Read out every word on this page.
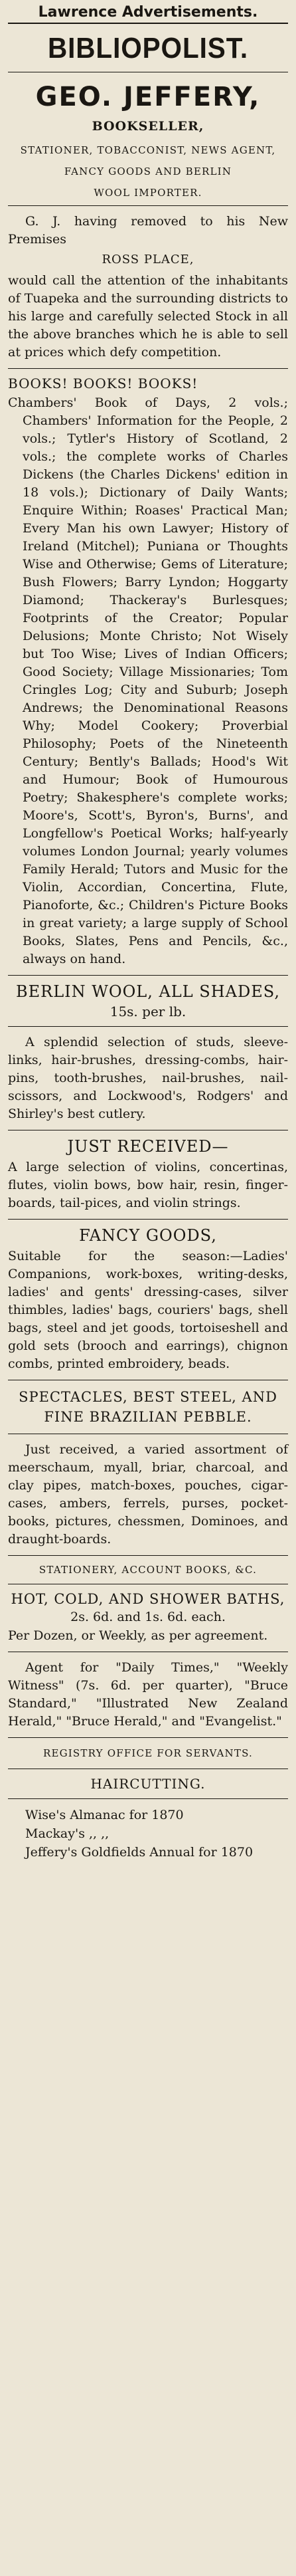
Lawrence Advertisements.
BIBLIOPOLIST.
GEO. JEFFERY,
BOOKSELLER,
STATIONER, TOBACCONIST, NEWS AGENT,
FANCY GOODS AND BERLIN
WOOL IMPORTER.
G. J. having removed to his New Premises
ROSS PLACE,
would call the attention of the inhabitants of Tuapeka and the surrounding districts to his large and carefully selected Stock in all the above branches which he is able to sell at prices which defy competition.
BOOKS! BOOKS! BOOKS!
Chambers' Book of Days, 2 vols.; Chambers' Information for the People, 2 vols.; Tytler's History of Scotland, 2 vols.; the complete works of Charles Dickens (the Charles Dickens' edition in 18 vols.); Dictionary of Daily Wants; Enquire Within; Roases' Practical Man; Every Man his own Lawyer; History of Ireland (Mitchel); Puniana or Thoughts Wise and Otherwise; Gems of Literature; Bush Flowers; Barry Lyndon; Hoggarty Diamond; Thackeray's Burlesques; Footprints of the Creator; Popular Delusions; Monte Christo; Not Wisely but Too Wise; Lives of Indian Officers; Good Society; Village Missionaries; Tom Cringles Log; City and Suburb; Joseph Andrews; the Denominational Reasons Why; Model Cookery; Proverbial Philosophy; Poets of the Nineteenth Century; Bently's Ballads; Hood's Wit and Humour; Book of Humourous Poetry; Shakesphere's complete works; Moore's, Scott's, Byron's, Burns', and Longfellow's Poetical Works; half-yearly volumes London Journal; yearly volumes Family Herald; Tutors and Music for the Violin, Accordian, Concertina, Flute, Pianoforte, &c.; Children's Picture Books in great variety; a large supply of School Books, Slates, Pens and Pencils, &c., always on hand.
BERLIN WOOL, ALL SHADES,
15s. per lb.
A splendid selection of studs, sleeve-links, hair-brushes, dressing-combs, hair-pins, tooth-brushes, nail-brushes, nail-scissors, and Lockwood's, Rodgers' and Shirley's best cutlery.
JUST RECEIVED—
A large selection of violins, concertinas, flutes, violin bows, bow hair, resin, finger-boards, tail-pices, and violin strings.
FANCY GOODS,
Suitable for the season:—Ladies' Companions, work-boxes, writing-desks, ladies' and gents' dressing-cases, silver thimbles, ladies' bags, couriers' bags, shell bags, steel and jet goods, tortoiseshell and gold sets (brooch and earrings), chignon combs, printed embroidery, beads.
SPECTACLES, BEST STEEL, AND FINE BRAZILIAN PEBBLE.
Just received, a varied assortment of meerschaum, myall, briar, charcoal, and clay pipes, match-boxes, pouches, cigar-cases, ambers, ferrels, purses, pocket-books, pictures, chessmen, Dominoes, and draught-boards.
STATIONERY, ACCOUNT BOOKS, &C.
HOT, COLD, AND SHOWER BATHS,
2s. 6d. and 1s. 6d. each.
Per Dozen, or Weekly, as per agreement.
Agent for "Daily Times," "Weekly Witness" (7s. 6d. per quarter), "Bruce Standard," "Illustrated New Zealand Herald," "Bruce Herald," and "Evangelist."
REGISTRY OFFICE FOR SERVANTS.
HAIRCUTTING.
Wise's Almanac for 1870
Mackay's ,, ,,
Jeffery's Goldfields Annual for 1870
